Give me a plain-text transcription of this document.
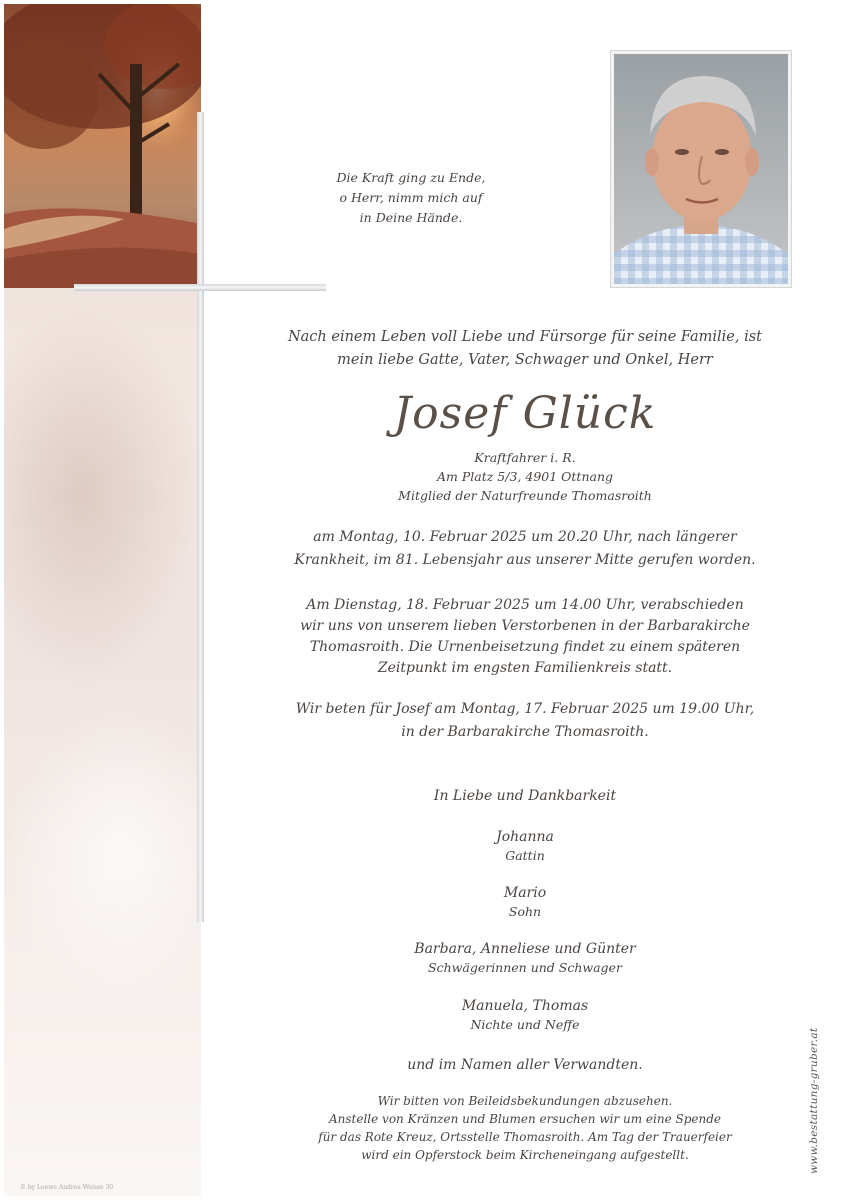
Die Kraft ging zu Ende,
o Herr, nimm mich auf
in Deine Hände.
Nach einem Leben voll Liebe und Fürsorge für seine Familie, ist
mein liebe Gatte, Vater, Schwager und Onkel, Herr
Josef Glück
Kraftfahrer i. R.
Am Platz 5/3, 4901 Ottnang
Mitglied der Naturfreunde Thomasroith
am Montag, 10. Februar 2025 um 20.20 Uhr, nach längerer
Krankheit, im 81. Lebensjahr aus unserer Mitte gerufen worden.
Am Dienstag, 18. Februar 2025 um 14.00 Uhr, verabschieden
wir uns von unserem lieben Verstorbenen in der Barbarakirche
Thomasroith. Die Urnenbeisetzung findet zu einem späteren
Zeitpunkt im engsten Familienkreis statt.
Wir beten für Josef am Montag, 17. Februar 2025 um 19.00 Uhr,
in der Barbarakirche Thomasroith.
In Liebe und Dankbarkeit
Johanna
Gattin
Mario
Sohn
Barbara, Anneliese und Günter
Schwägerinnen und Schwager
Manuela, Thomas
Nichte und Neffe
und im Namen aller Verwandten.
Wir bitten von Beileidsbekundungen abzusehen.
Anstelle von Kränzen und Blumen ersuchen wir um eine Spende
für das Rote Kreuz, Ortsstelle Thomasroith. Am Tag der Trauerfeier
wird ein Opferstock beim Kircheneingang aufgestellt.	www.bestattung-gruber.at
© by Loewe Andrea Weisse 30
